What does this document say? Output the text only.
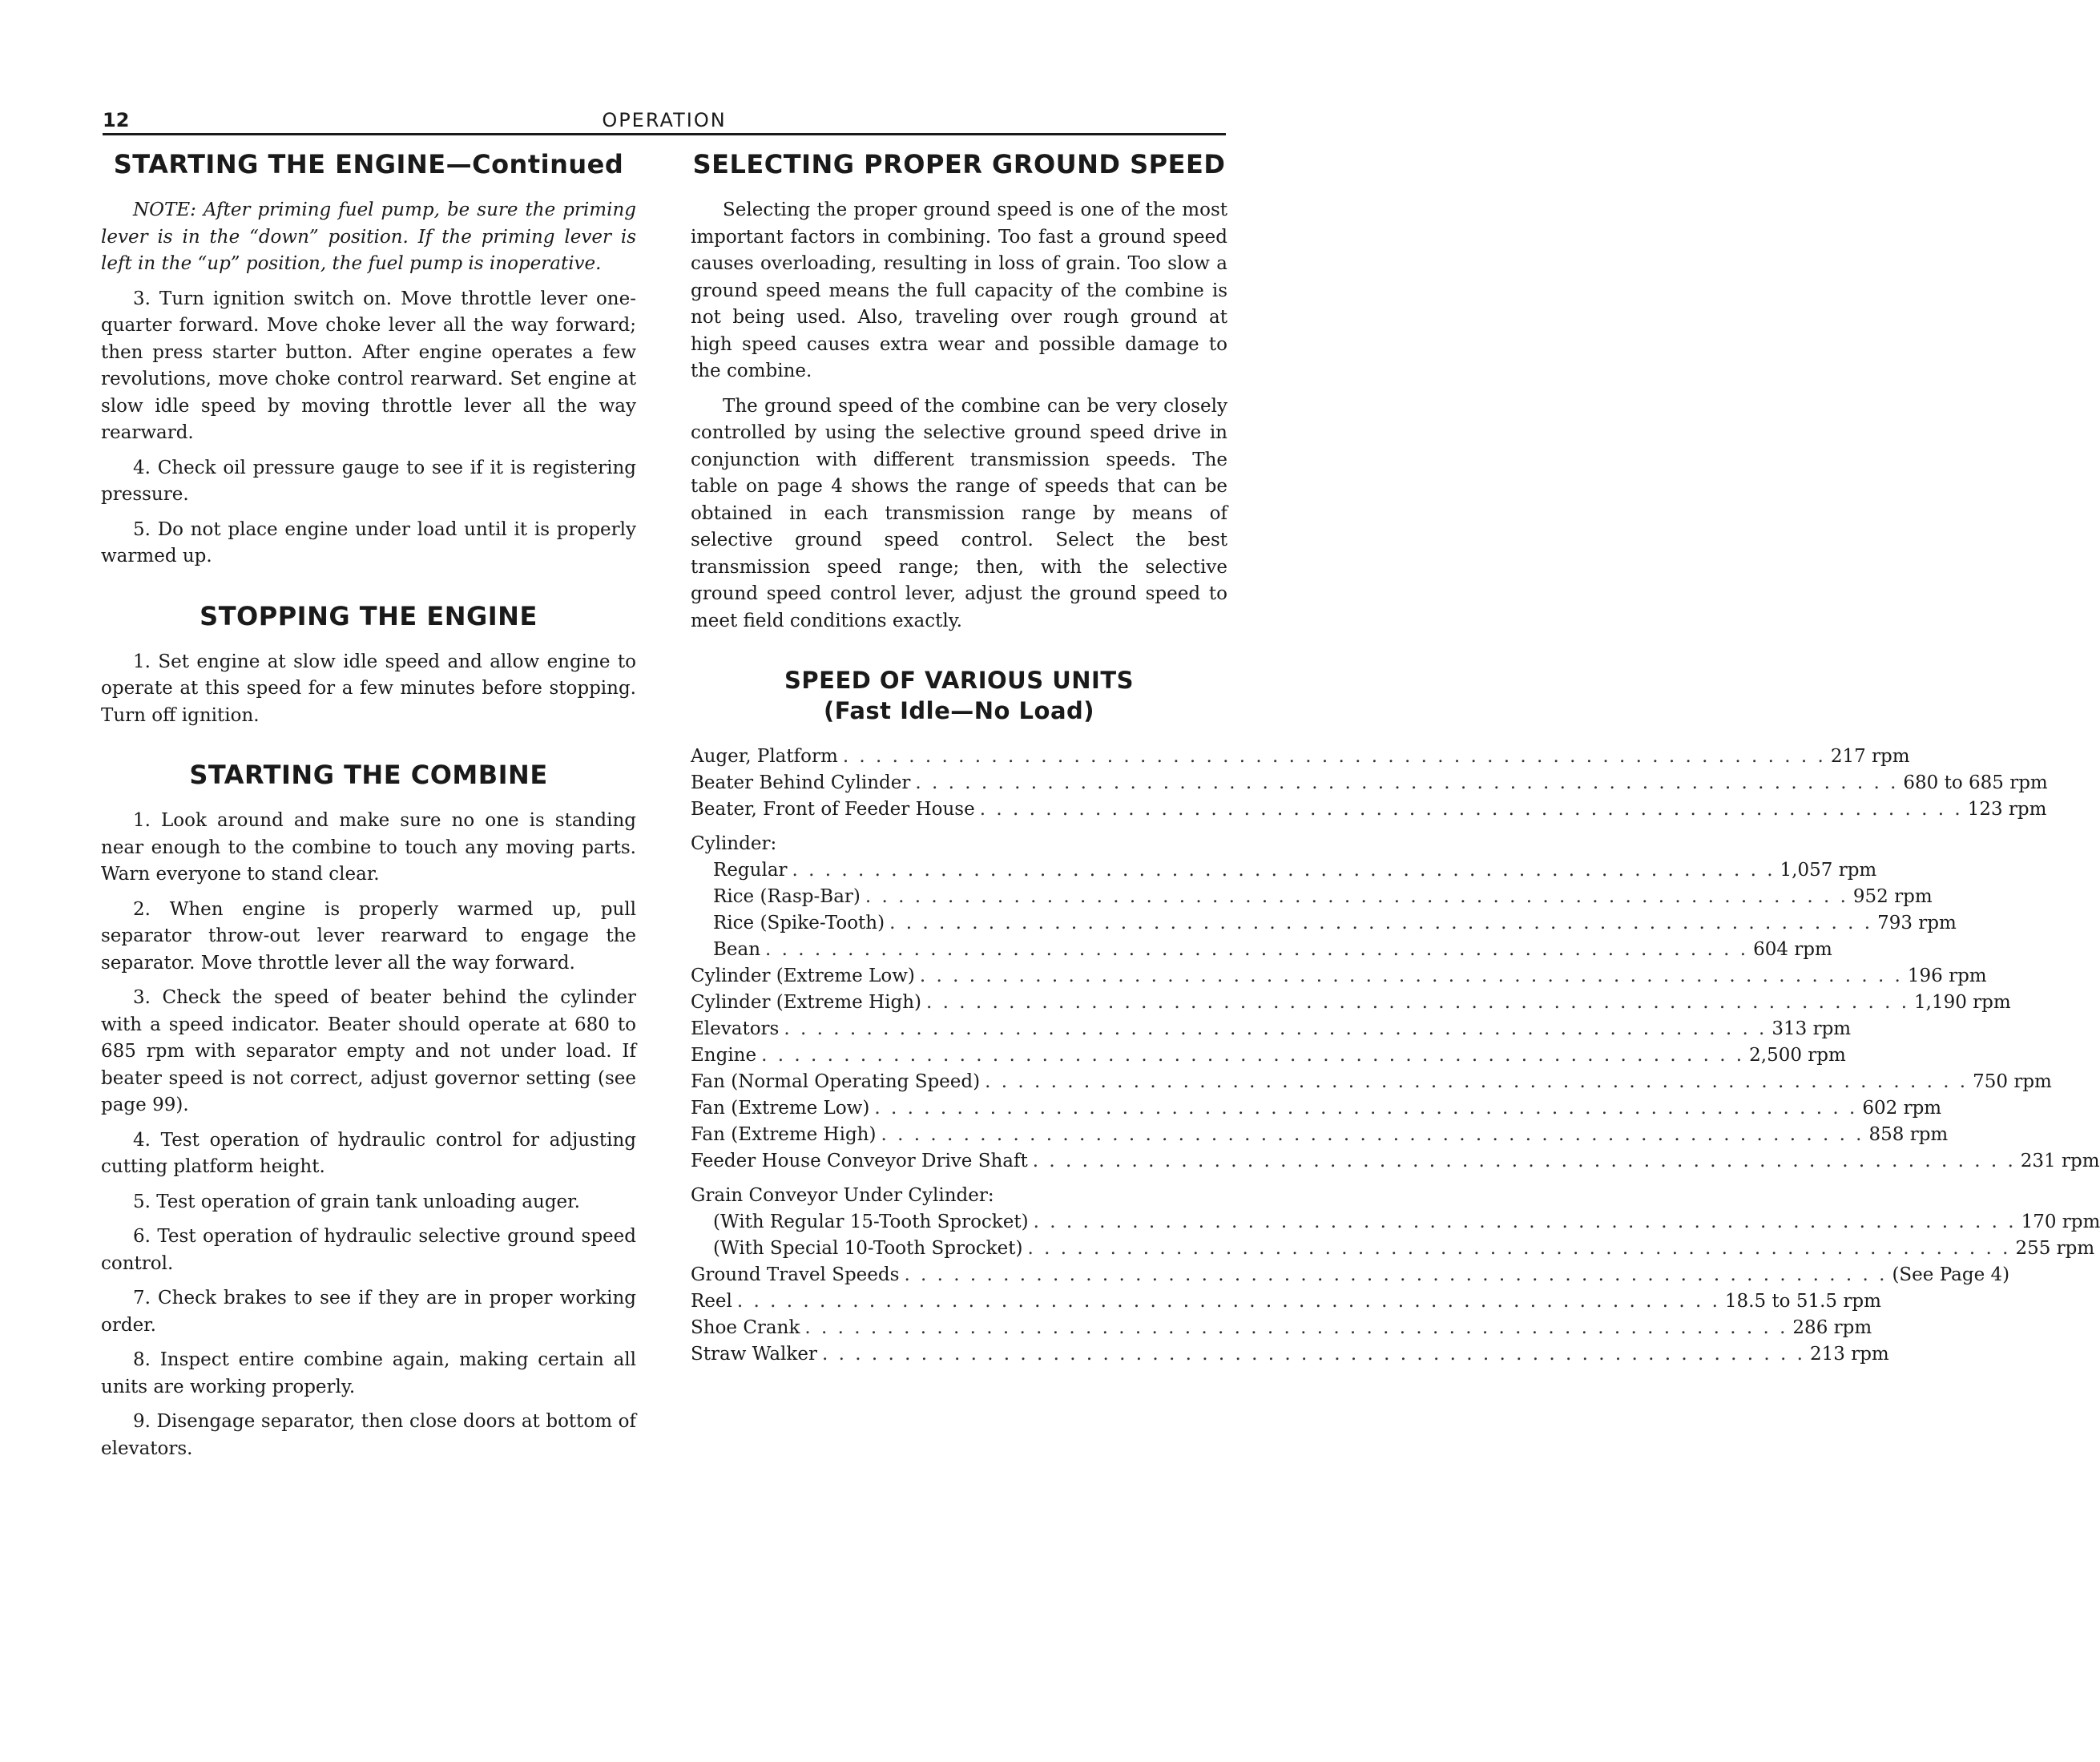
12	OPERATION
STARTING THE ENGINE—Continued

NOTE: After priming fuel pump, be sure the priming lever is in the “down” position. If the priming lever is left in the “up” position, the fuel pump is inoperative.

3. Turn ignition switch on. Move throttle lever one-quarter forward. Move choke lever all the way forward; then press starter button. After engine operates a few revolutions, move choke control rearward. Set engine at slow idle speed by moving throttle lever all the way rearward.

4. Check oil pressure gauge to see if it is registering pressure.

5. Do not place engine under load until it is properly warmed up.

STOPPING THE ENGINE

1. Set engine at slow idle speed and allow engine to operate at this speed for a few minutes before stopping. Turn off ignition.

STARTING THE COMBINE

1. Look around and make sure no one is standing near enough to the combine to touch any moving parts. Warn everyone to stand clear.

2. When engine is properly warmed up, pull separator throw-out lever rearward to engage the separator. Move throttle lever all the way forward.

3. Check the speed of beater behind the cylinder with a speed indicator. Beater should operate at 680 to 685 rpm with separator empty and not under load. If beater speed is not correct, adjust governor setting (see page 99).

4. Test operation of hydraulic control for adjusting cutting platform height.

5. Test operation of grain tank unloading auger.

6. Test operation of hydraulic selective ground speed control.

7. Check brakes to see if they are in proper working order.

8. Inspect entire combine again, making certain all units are working properly.

9. Disengage separator, then close doors at bottom of elevators.

SELECTING PROPER GROUND SPEED

Selecting the proper ground speed is one of the most important factors in combining. Too fast a ground speed causes overloading, resulting in loss of grain. Too slow a ground speed means the full capacity of the combine is not being used. Also, traveling over rough ground at high speed causes extra wear and possible damage to the combine.

The ground speed of the combine can be very closely controlled by using the selective ground speed drive in conjunction with different transmission speeds. The table on page 4 shows the range of speeds that can be obtained in each transmission range by means of selective ground speed control. Select the best transmission speed range; then, with the selective ground speed control lever, adjust the ground speed to meet field conditions exactly.

SPEED OF VARIOUS UNITS
(Fast Idle—No Load)
Auger, Platform . . . . . . . . . . . . . . . . . . . . . . . . . . . . . . . . . . . . . . . . . . . . . . . . . . . . . . . . . . . . 217 rpm
Beater Behind Cylinder . . . . . . . . . . . . . . . . . . . . . . . . . . . . . . . . . . . . . . . . . . . . . . . . . . . . . . . . . . . . 680 to 685 rpm
Beater, Front of Feeder House . . . . . . . . . . . . . . . . . . . . . . . . . . . . . . . . . . . . . . . . . . . . . . . . . . . . . . . . . . . . 123 rpm
Cylinder:
Regular . . . . . . . . . . . . . . . . . . . . . . . . . . . . . . . . . . . . . . . . . . . . . . . . . . . . . . . . . . . . 1,057 rpm
Rice (Rasp-Bar) . . . . . . . . . . . . . . . . . . . . . . . . . . . . . . . . . . . . . . . . . . . . . . . . . . . . . . . . . . . . 952 rpm
Rice (Spike-Tooth) . . . . . . . . . . . . . . . . . . . . . . . . . . . . . . . . . . . . . . . . . . . . . . . . . . . . . . . . . . . . 793 rpm
Bean . . . . . . . . . . . . . . . . . . . . . . . . . . . . . . . . . . . . . . . . . . . . . . . . . . . . . . . . . . . . 604 rpm
Cylinder (Extreme Low) . . . . . . . . . . . . . . . . . . . . . . . . . . . . . . . . . . . . . . . . . . . . . . . . . . . . . . . . . . . . 196 rpm
Cylinder (Extreme High) . . . . . . . . . . . . . . . . . . . . . . . . . . . . . . . . . . . . . . . . . . . . . . . . . . . . . . . . . . . . 1,190 rpm
Elevators . . . . . . . . . . . . . . . . . . . . . . . . . . . . . . . . . . . . . . . . . . . . . . . . . . . . . . . . . . . . 313 rpm
Engine . . . . . . . . . . . . . . . . . . . . . . . . . . . . . . . . . . . . . . . . . . . . . . . . . . . . . . . . . . . . 2,500 rpm
Fan (Normal Operating Speed) . . . . . . . . . . . . . . . . . . . . . . . . . . . . . . . . . . . . . . . . . . . . . . . . . . . . . . . . . . . . 750 rpm
Fan (Extreme Low) . . . . . . . . . . . . . . . . . . . . . . . . . . . . . . . . . . . . . . . . . . . . . . . . . . . . . . . . . . . . 602 rpm
Fan (Extreme High) . . . . . . . . . . . . . . . . . . . . . . . . . . . . . . . . . . . . . . . . . . . . . . . . . . . . . . . . . . . . 858 rpm
Feeder House Conveyor Drive Shaft . . . . . . . . . . . . . . . . . . . . . . . . . . . . . . . . . . . . . . . . . . . . . . . . . . . . . . . . . . . . 231 rpm
Grain Conveyor Under Cylinder:
(With Regular 15-Tooth Sprocket) . . . . . . . . . . . . . . . . . . . . . . . . . . . . . . . . . . . . . . . . . . . . . . . . . . . . . . . . . . . . 170 rpm
(With Special 10-Tooth Sprocket) . . . . . . . . . . . . . . . . . . . . . . . . . . . . . . . . . . . . . . . . . . . . . . . . . . . . . . . . . . . . 255 rpm
Ground Travel Speeds . . . . . . . . . . . . . . . . . . . . . . . . . . . . . . . . . . . . . . . . . . . . . . . . . . . . . . . . . . . . (See Page 4)
Reel . . . . . . . . . . . . . . . . . . . . . . . . . . . . . . . . . . . . . . . . . . . . . . . . . . . . . . . . . . . . 18.5 to 51.5 rpm
Shoe Crank . . . . . . . . . . . . . . . . . . . . . . . . . . . . . . . . . . . . . . . . . . . . . . . . . . . . . . . . . . . . 286 rpm
Straw Walker . . . . . . . . . . . . . . . . . . . . . . . . . . . . . . . . . . . . . . . . . . . . . . . . . . . . . . . . . . . . 213 rpm
